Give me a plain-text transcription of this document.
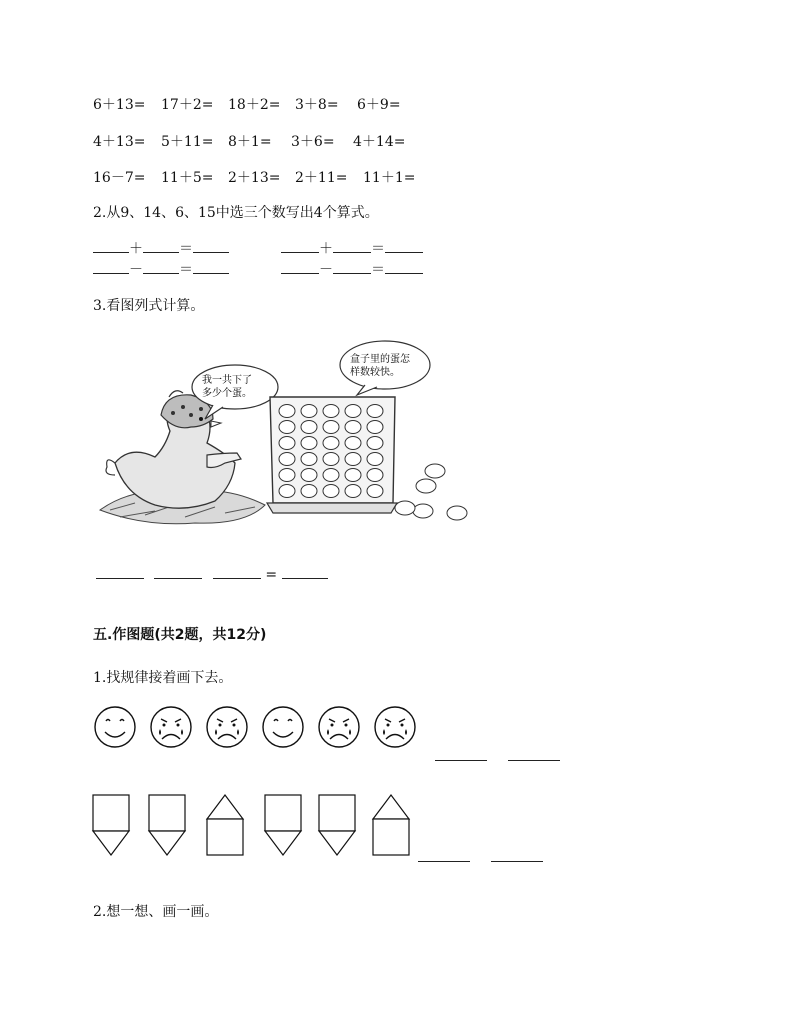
6＋13= 17＋2= 18＋2= 3＋8= 6＋9=
4＋13= 5＋11= 8＋1= 3＋6= 4＋14=
16－7= 11＋5= 2＋13= 2＋11= 11＋1=
2.从9、14、6、15中选三个数写出4个算式。
＋	＝	＋	＝
－	＝	－	＝
3.看图列式计算。
我一共下了
多少个蛋。
盒子里的蛋怎
样数较快。
=
五.作图题(共2题，共12分)
1.找规律接着画下去。
2.想一想、画一画。
